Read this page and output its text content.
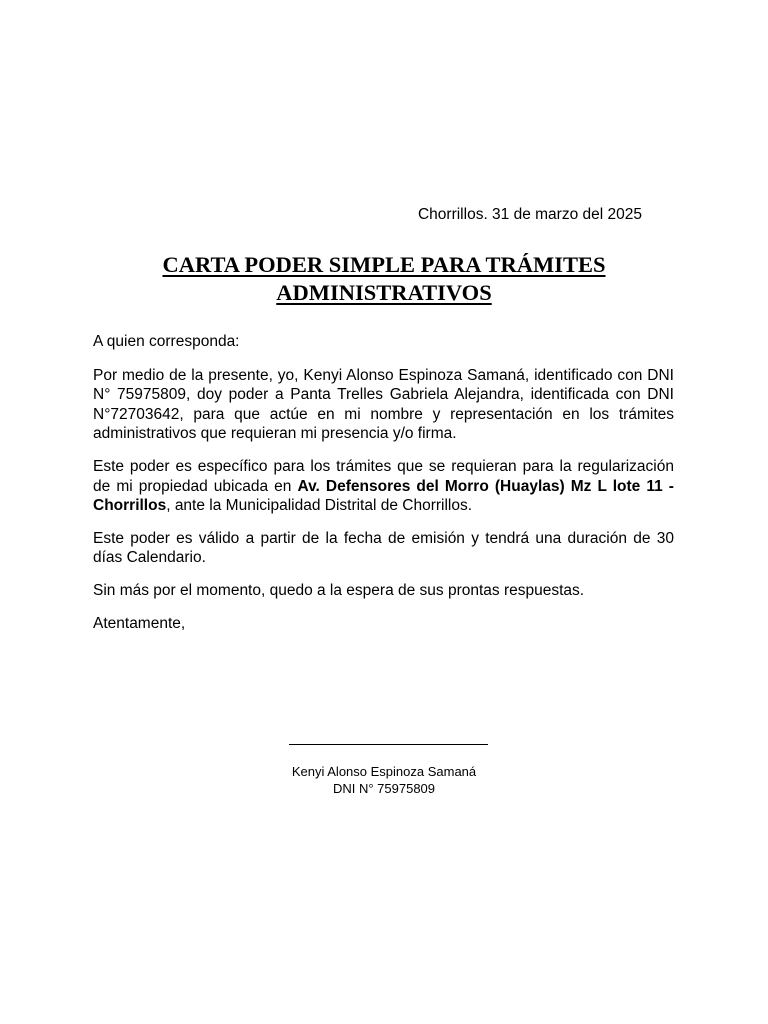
Chorrillos. 31 de marzo del 2025
CARTA PODER SIMPLE PARA TRÁMITES
ADMINISTRATIVOS

A quien corresponda:

Por medio de la presente, yo, Kenyi Alonso Espinoza Samaná, identificado con DNI N° 75975809, doy poder a Panta Trelles Gabriela Alejandra, identificada con DNI N°72703642, para que actúe en mi nombre y representación en los trámites administrativos que requieran mi presencia y/o firma.

Este poder es específico para los trámites que se requieran para la regularización de mi propiedad ubicada en Av. Defensores del Morro (Huaylas) Mz L lote 11 - Chorrillos, ante la Municipalidad Distrital de Chorrillos.

Este poder es válido a partir de la fecha de emisión y tendrá una duración de 30 días Calendario.

Sin más por el momento, quedo a la espera de sus prontas respuestas.

Atentamente,

Kenyi Alonso Espinoza Samaná
DNI N° 75975809
